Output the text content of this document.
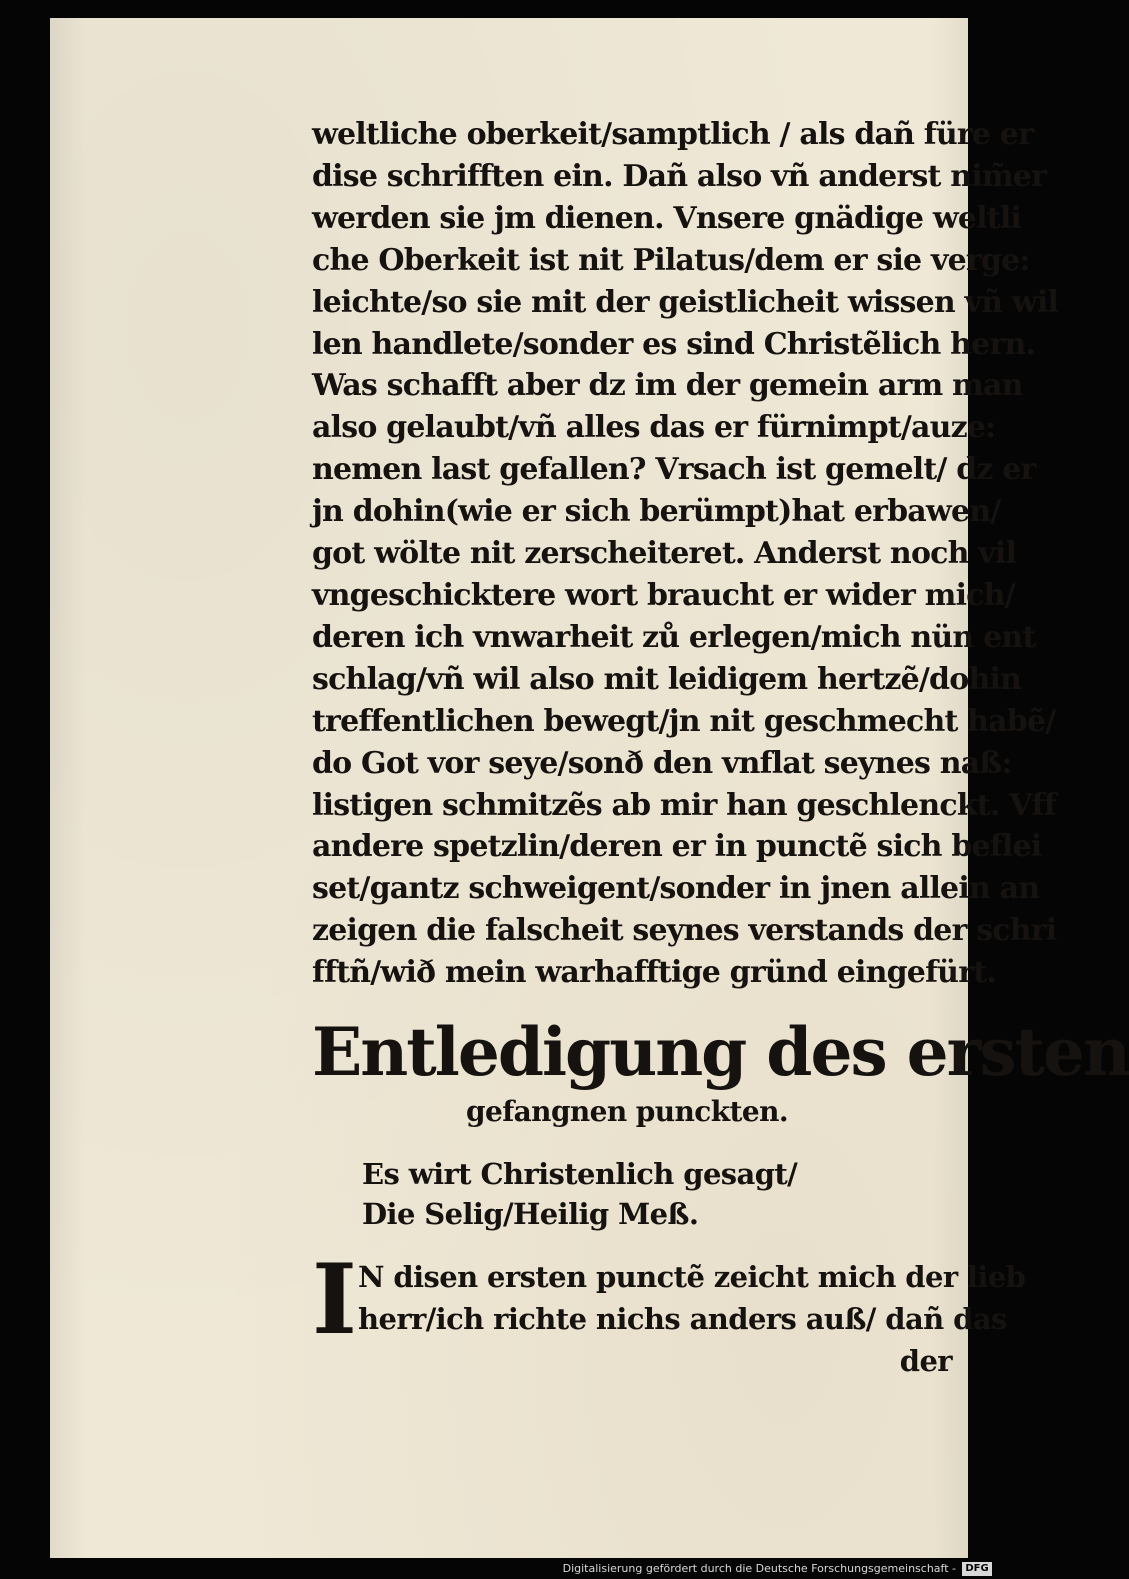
weltliche oberkeit/samptlich / als dañ füre er
dise schrifften ein. Dañ also vñ anderst nim̃er
werden sie jm dienen. Vnsere gnädige weltli
che Oberkeit ist nit Pilatus/dem er sie verge:
leichte/so sie mit der geistlicheit wissen vñ wil
len handlete/sonder es sind Christẽlich hern.
Was schafft aber dz im der gemein arm man
also gelaubt/vñ alles das er fürnimpt/auze:
nemen last gefallen? Vrsach ist gemelt/ dz er
jn dohin(wie er sich berümpt)hat erbawen/
got wölte nit zerscheiteret. Anderst noch vil
vngeschicktere wort braucht er wider mich/
deren ich vnwarheit zů erlegen/mich nün ent
schlag/vñ wil also mit leidigem hertzẽ/dohin
treffentlichen bewegt/jn nit geschmecht habẽ/
do Got vor seye/sonð den vnflat seynes naß:
listigen schmitzẽs ab mir han geschlenckt. Vff
andere spetzlin/deren er in punctẽ sich beflei
set/gantz schweigent/sonder in jnen allein an
zeigen die falscheit seynes verstands der schri
fftñ/wið mein warhafftige gründ eingefürt.
Entledigung des ersten
gefangnen punckten.
Es wirt Christenlich gesagt/
Die Selig/Heilig Meß.
I N disen ersten punctẽ zeicht mich der lieb
herr/ich richte nichs anders auß/ dañ das
der
Digitalisierung gefördert durch die Deutsche Forschungsgemeinschaft - DFG
